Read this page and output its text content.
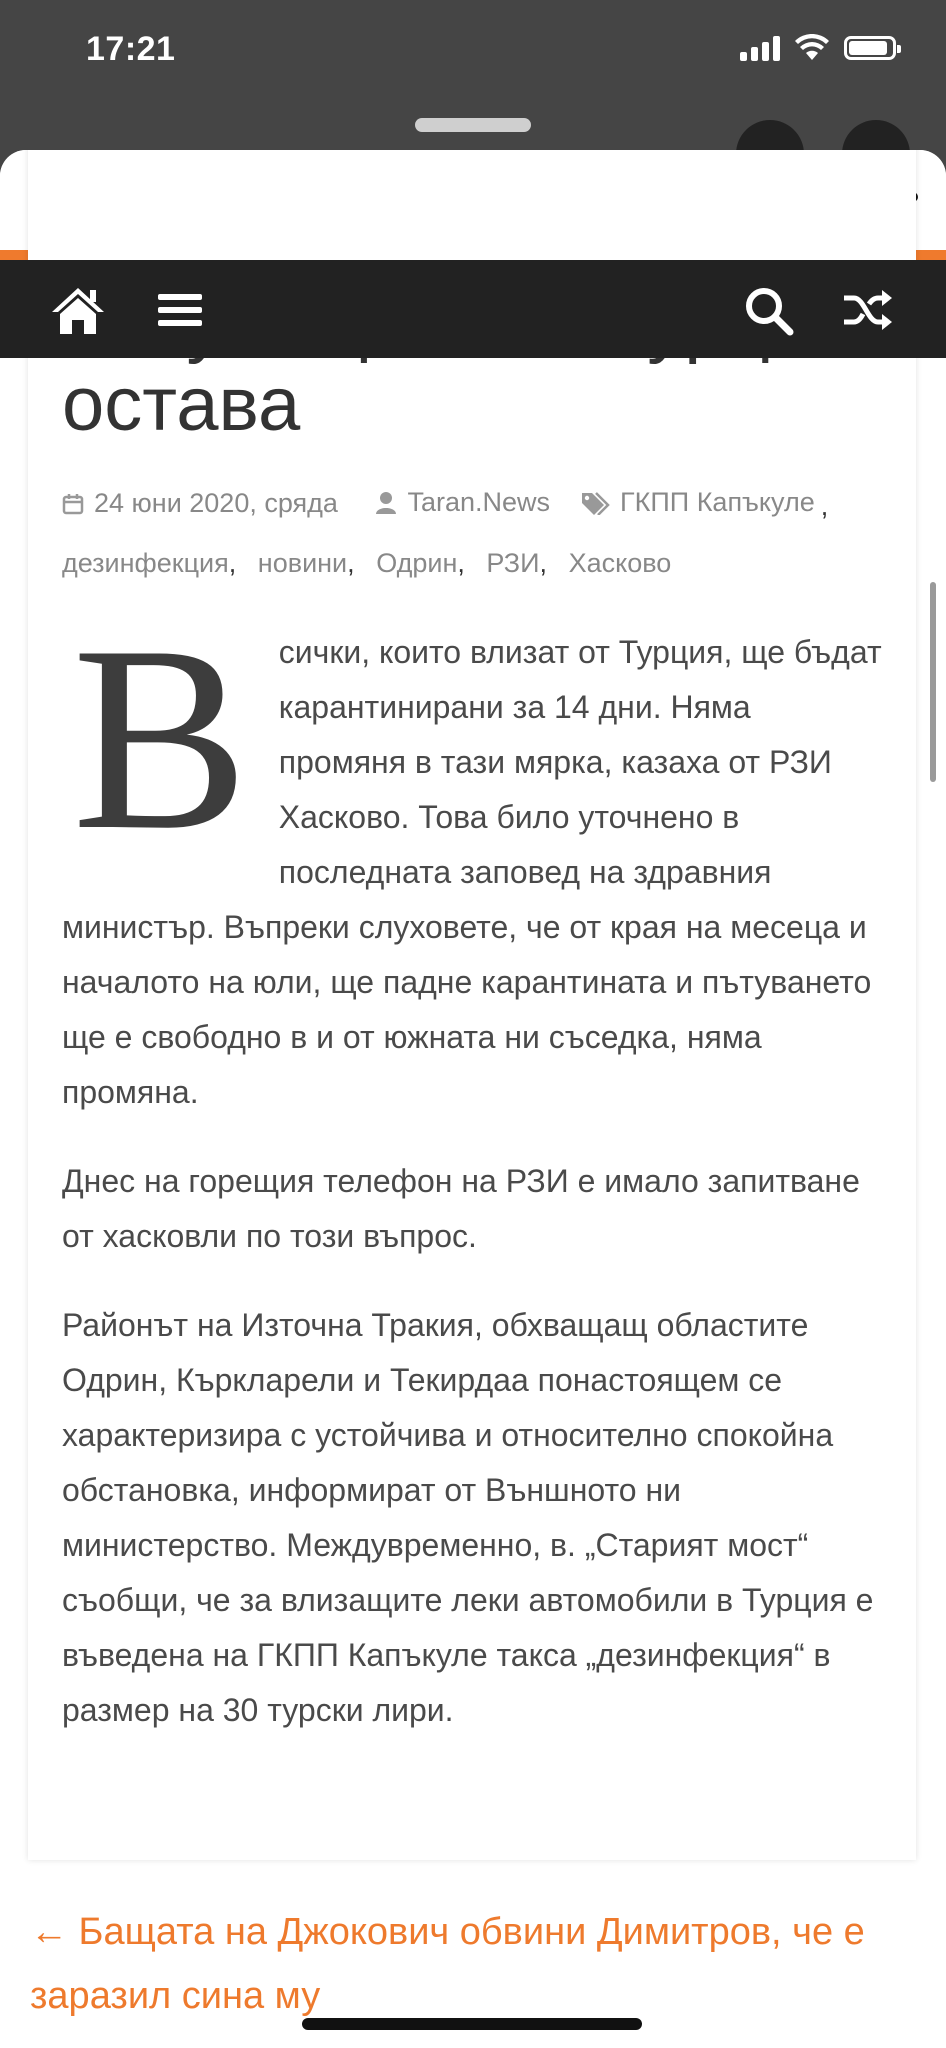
17:21
остава
24 юни 2020, сряда
	Taran.News	ГКПП Капъкуле ,
дезинфекция, новини, Одрин, РЗИ, Хасково

Всички, които влизат от Турция, ще бъдат карантинирани за 14 дни. Няма промяня в тази мярка, казаха от РЗИ Хасково. Това било уточнено в последната заповед на здравния министър. Въпреки слуховете, че от края на месеца и началото на юли, ще падне карантината и пътуването ще е свободно в и от южната ни съседка, няма промяна.

Днес на горещия телефон на РЗИ е имало запитване от хасковли по този въпрос.

Районът на Източна Тракия, обхващащ областите Одрин, Къркларели и Текирдаа понастоящем се характеризира с устойчива и относително спокойна обстановка, информират от Външното ни министерство. Междувременно, в. „Старият мост“ съобщи, че за влизащите леки автомобили в Турция е въведена на ГКПП Капъкуле такса „дезинфекция“ в размер на 30 турски лири.

← Бащата на Джокович обвини Димитров, че е заразил сина му
